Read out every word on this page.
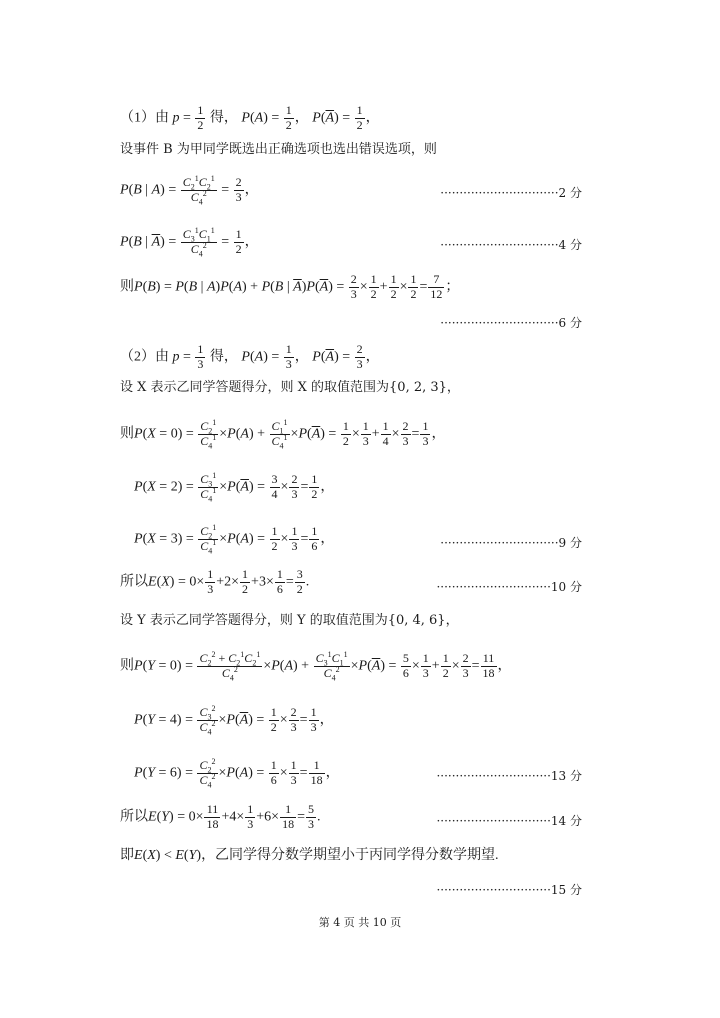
（1）由 $p = \frac{1}{2}$ 得， $P(A) = \frac{1}{2}$ ， $P(\overline{A}) = \frac{1}{2}$ ，
设事件 B 为甲同学既选出正确选项也选出错误选项，则
P(B | $A) = \frac{C_2^1C_2^1}{C_4^2} = \frac{2}{3}$ ，	·······························2 分
P(B | $\overline{A}) = \frac{C_3^1C_1^1}{C_4^2} = \frac{1}{2}$ ，	·······························4 分
则P(B) = P(B | A)P(A) + P(B | $\overline{A})P(\overline{A}) = \frac{2}{3} \times \frac{1}{2} + \frac{1}{2} \times \frac{1}{2} = \frac{7}{12}$ ；
·······························6 分
（2）由 $p = \frac{1}{3}$ 得， $P(A) = \frac{1}{3}$ ， $P(\overline{A}) = \frac{2}{3}$ ，
设 X 表示乙同学答题得分，则 X 的取值范围为{0, 2, 3}，
则$P(X = 0) = \frac{C_2^1}{C_4^1} \times P(A) + \frac{C_1^1}{C_4^1} \times P(\overline{A}) = \frac{1}{2} \times \frac{1}{3} + \frac{1}{4} \times \frac{2}{3} = \frac{1}{3}$ ，
$P(X = 2) = \frac{C_3^1}{C_4^1} \times P(\overline{A}) = \frac{3}{4} \times \frac{2}{3} = \frac{1}{2}$ ，
$P(X = 3) = \frac{C_2^1}{C_4^1} \times P(A) = \frac{1}{2} \times \frac{1}{3} = \frac{1}{6}$ ，	·······························9 分
所以$E(X) = 0\times \frac{1}{3} +2\times \frac{1}{2} +3\times \frac{1}{6} = \frac{3}{2}$ .	······························10 分
设 Y 表示乙同学答题得分，则 Y 的取值范围为{0, 4, 6}，
则$P(Y = 0) = \frac{C_2^2 + C_2^1C_2^1}{C_4^2} \times P(A) + \frac{C_3^1C_1^1}{C_4^2} \times P(\overline{A}) = \frac{5}{6} \times \frac{1}{3} + \frac{1}{2} \times \frac{2}{3} = \frac{11}{18}$ ，
$P(Y = 4) = \frac{C_3^2}{C_4^2} \times P(\overline{A}) = \frac{1}{2} \times \frac{2}{3} = \frac{1}{3}$ ，
$P(Y = 6) = \frac{C_2^2}{C_4^2} \times P(A) = \frac{1}{6} \times \frac{1}{3} = \frac{1}{18}$ ，	······························13 分
所以$E(Y) = 0\times \frac{11}{18} +4\times \frac{1}{3} +6\times \frac{1}{18} = \frac{5}{3}$ .	······························14 分
即E(X) < E(Y)，乙同学得分数学期望小于丙同学得分数学期望.
······························15 分
第 4 页 共 10 页
